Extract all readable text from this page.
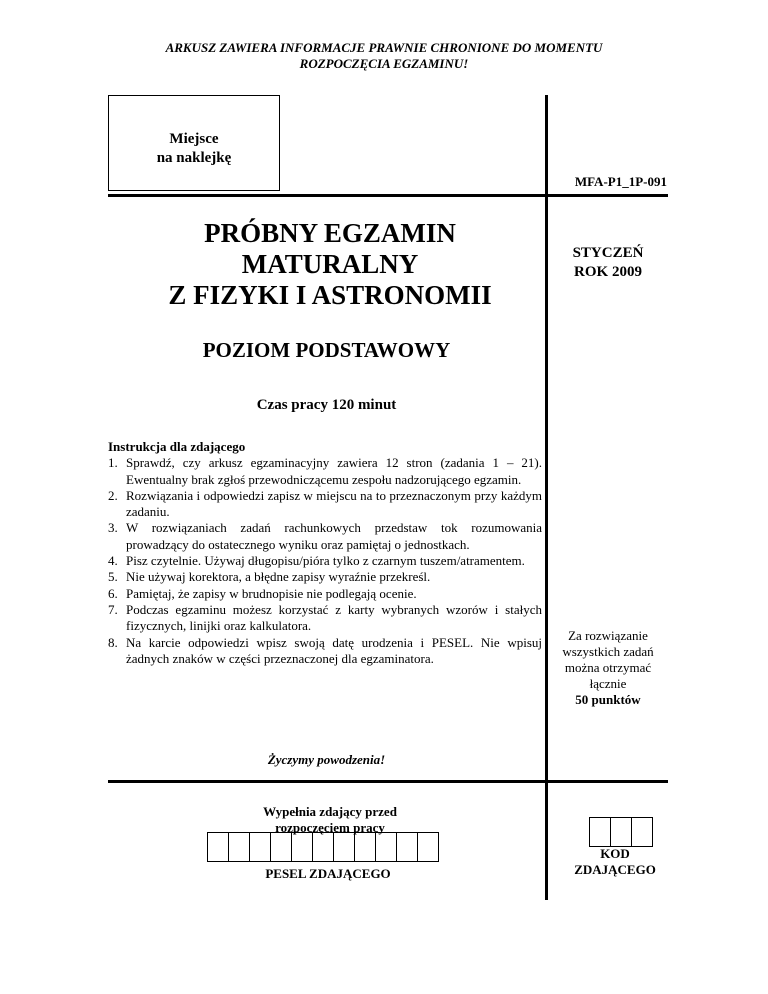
ARKUSZ ZAWIERA INFORMACJE PRAWNIE CHRONIONE DO MOMENTU
ROZPOCZĘCIA EGZAMINU!
Miejsce
na naklejkę
MFA-P1_1P-091
PRÓBNY EGZAMIN
MATURALNY
Z FIZYKI I ASTRONOMII
STYCZEŃ
ROK 2009
POZIOM PODSTAWOWY
Czas pracy 120 minut
Instrukcja dla zdającego
1. Sprawdź, czy arkusz egzaminacyjny zawiera 12 stron (zadania 1 – 21). Ewentualny brak zgłoś przewodniczącemu zespołu nadzorującego egzamin.
2. Rozwiązania i odpowiedzi zapisz w miejscu na to przeznaczonym przy każdym zadaniu.
3. W rozwiązaniach zadań rachunkowych przedstaw tok rozumowania prowadzący do ostatecznego wyniku oraz pamiętaj o jednostkach.
4. Pisz czytelnie. Używaj długopisu/pióra tylko z czarnym tuszem/atramentem.
5. Nie używaj korektora, a błędne zapisy wyraźnie przekreśl.
6. Pamiętaj, że zapisy w brudnopisie nie podlegają ocenie.
7. Podczas egzaminu możesz korzystać z karty wybranych wzorów i stałych fizycznych, linijki oraz kalkulatora.
8. Na karcie odpowiedzi wpisz swoją datę urodzenia i PESEL. Nie wpisuj żadnych znaków w części przeznaczonej dla egzaminatora.
Za rozwiązanie
wszystkich zadań
można otrzymać
łącznie
50 punktów
Życzymy powodzenia!
Wypełnia zdający przed
rozpoczęciem pracy
PESEL ZDAJĄCEGO
KOD
ZDAJĄCEGO
